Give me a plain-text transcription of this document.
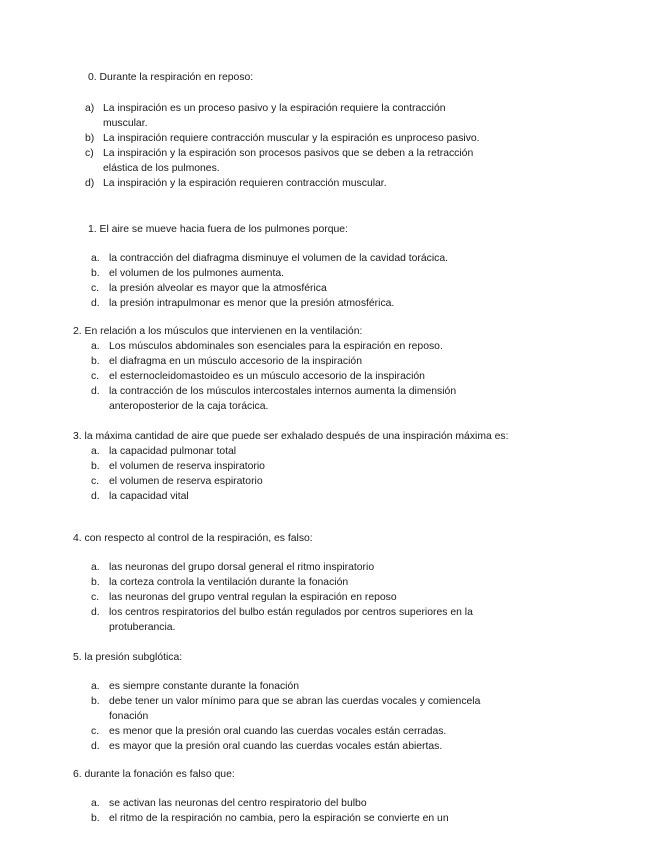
0. Durante la respiración en reposo:
a) La inspiración es un proceso pasivo y la espiración requiere la contracción muscular.
b) La inspiración requiere contracción muscular y la espiración es unproceso pasivo.
c) La inspiración y la espiración son procesos pasivos que se deben a la retracción elástica de los pulmones.
d) La inspiración y la espiración requieren contracción muscular.
1. El aire se mueve hacia fuera de los pulmones porque:
a. la contracción del diafragma disminuye el volumen de la cavidad torácica.
b. el volumen de los pulmones aumenta.
c. la presión alveolar es mayor que la atmosférica
d. la presión intrapulmonar es menor que la presión atmosférica.
2. En relación a los músculos que intervienen en la ventilación:
a. Los músculos abdominales son esenciales para la espiración en reposo.
b. el diafragma en un músculo accesorio de la inspiración
c. el esternocleidomastoideo es un músculo accesorio de la inspiración
d. la contracción de los músculos intercostales internos aumenta la dimensión anteroposterior de la caja torácica.
3. la máxima cantidad de aire que puede ser exhalado después de una inspiración máxima es:
a. la capacidad pulmonar total
b. el volumen de reserva inspiratorio
c. el volumen de reserva espiratorio
d. la capacidad vital
4. con respecto al control de la respiración, es falso:
a. las neuronas del grupo dorsal general el ritmo inspiratorio
b. la corteza controla la ventilación durante la fonación
c. las neuronas del grupo ventral regulan la espiración en reposo
d. los centros respiratorios del bulbo están regulados por centros superiores en la protuberancia.
5. la presión subglótica:
a. es siempre constante durante la fonación
b. debe tener un valor mínimo para que se abran las cuerdas vocales y comiencela fonación
c. es menor que la presión oral cuando las cuerdas vocales están cerradas.
d. es mayor que la presión oral cuando las cuerdas vocales están abiertas.
6. durante la fonación es falso que:
a. se activan las neuronas del centro respiratorio del bulbo
b. el ritmo de la respiración no cambia, pero la espiración se convierte en un
